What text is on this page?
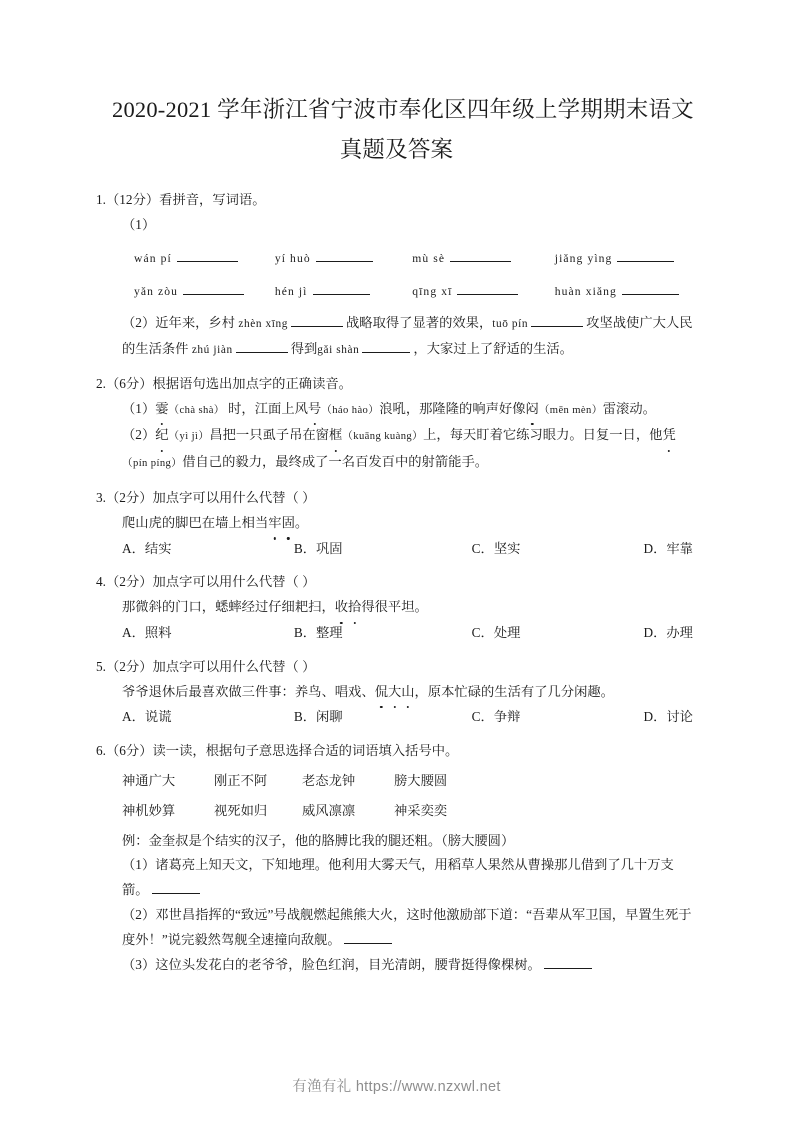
2020-2021 学年浙江省宁波市奉化区四年级上学期期末语文
真题及答案
1.（12分）看拼音，写词语。
（1）
wán pí	yí huò	mù sè	jiǎng yìng
yǎn zòu	hén jì	qīng xī	huàn xiǎng
（2）近年来，乡村 zhèn xīng	战略取得了显著的效果，tuō pín	攻坚战使广大人民的生活条件 zhú jiàn	得到gǎi shàn	，大家过上了舒适的生活。
2.（6分）根据语句选出加点字的正确读音。
（1）霎（chà shà） 时，江面上风号（háo hào）浪吼，那隆隆的响声好像闷（mēn mèn）雷滚动。
（2）纪（yì jì）昌把一只虱子吊在窗框（kuāng kuàng）上，每天盯着它练习眼力。日复一日，他凭（pín píng）借自己的毅力，最终成了一名百发百中的射箭能手。
3.（2分）加点字可以用什么代替（ ）
爬山虎的脚巴在墙上相当牢固。
A．结实	B．巩固	C．坚实	D．牢靠
4.（2分）加点字可以用什么代替（ ）
那微斜的门口，蟋蟀经过仔细耙扫，收拾得很平坦。
A．照料	B．整理	C．处理	D．办理
5.（2分）加点字可以用什么代替（ ）
爷爷退休后最喜欢做三件事：养鸟、唱戏、侃大山，原本忙碌的生活有了几分闲趣。
A．说谎	B．闲聊	C．争辩	D．讨论
6.（6分）读一读，根据句子意思选择合适的词语填入括号中。
神通广大	刚正不阿	老态龙钟	膀大腰圆
神机妙算	视死如归	威风凛凛	神采奕奕
例：金奎叔是个结实的汉子，他的胳膊比我的腿还粗。（膀大腰圆）
（1）诸葛亮上知天文，下知地理。他利用大雾天气，用稻草人果然从曹操那儿借到了几十万支箭。
（2）邓世昌指挥的“致远”号战舰燃起熊熊大火，这时他激励部下道：“吾辈从军卫国，早置生死于度外！”说完毅然驾舰全速撞向敌舰。
（3）这位头发花白的老爷爷，脸色红润，目光清朗，腰背挺得像棵树。
有渔有礼 https://www.nzxwl.net
